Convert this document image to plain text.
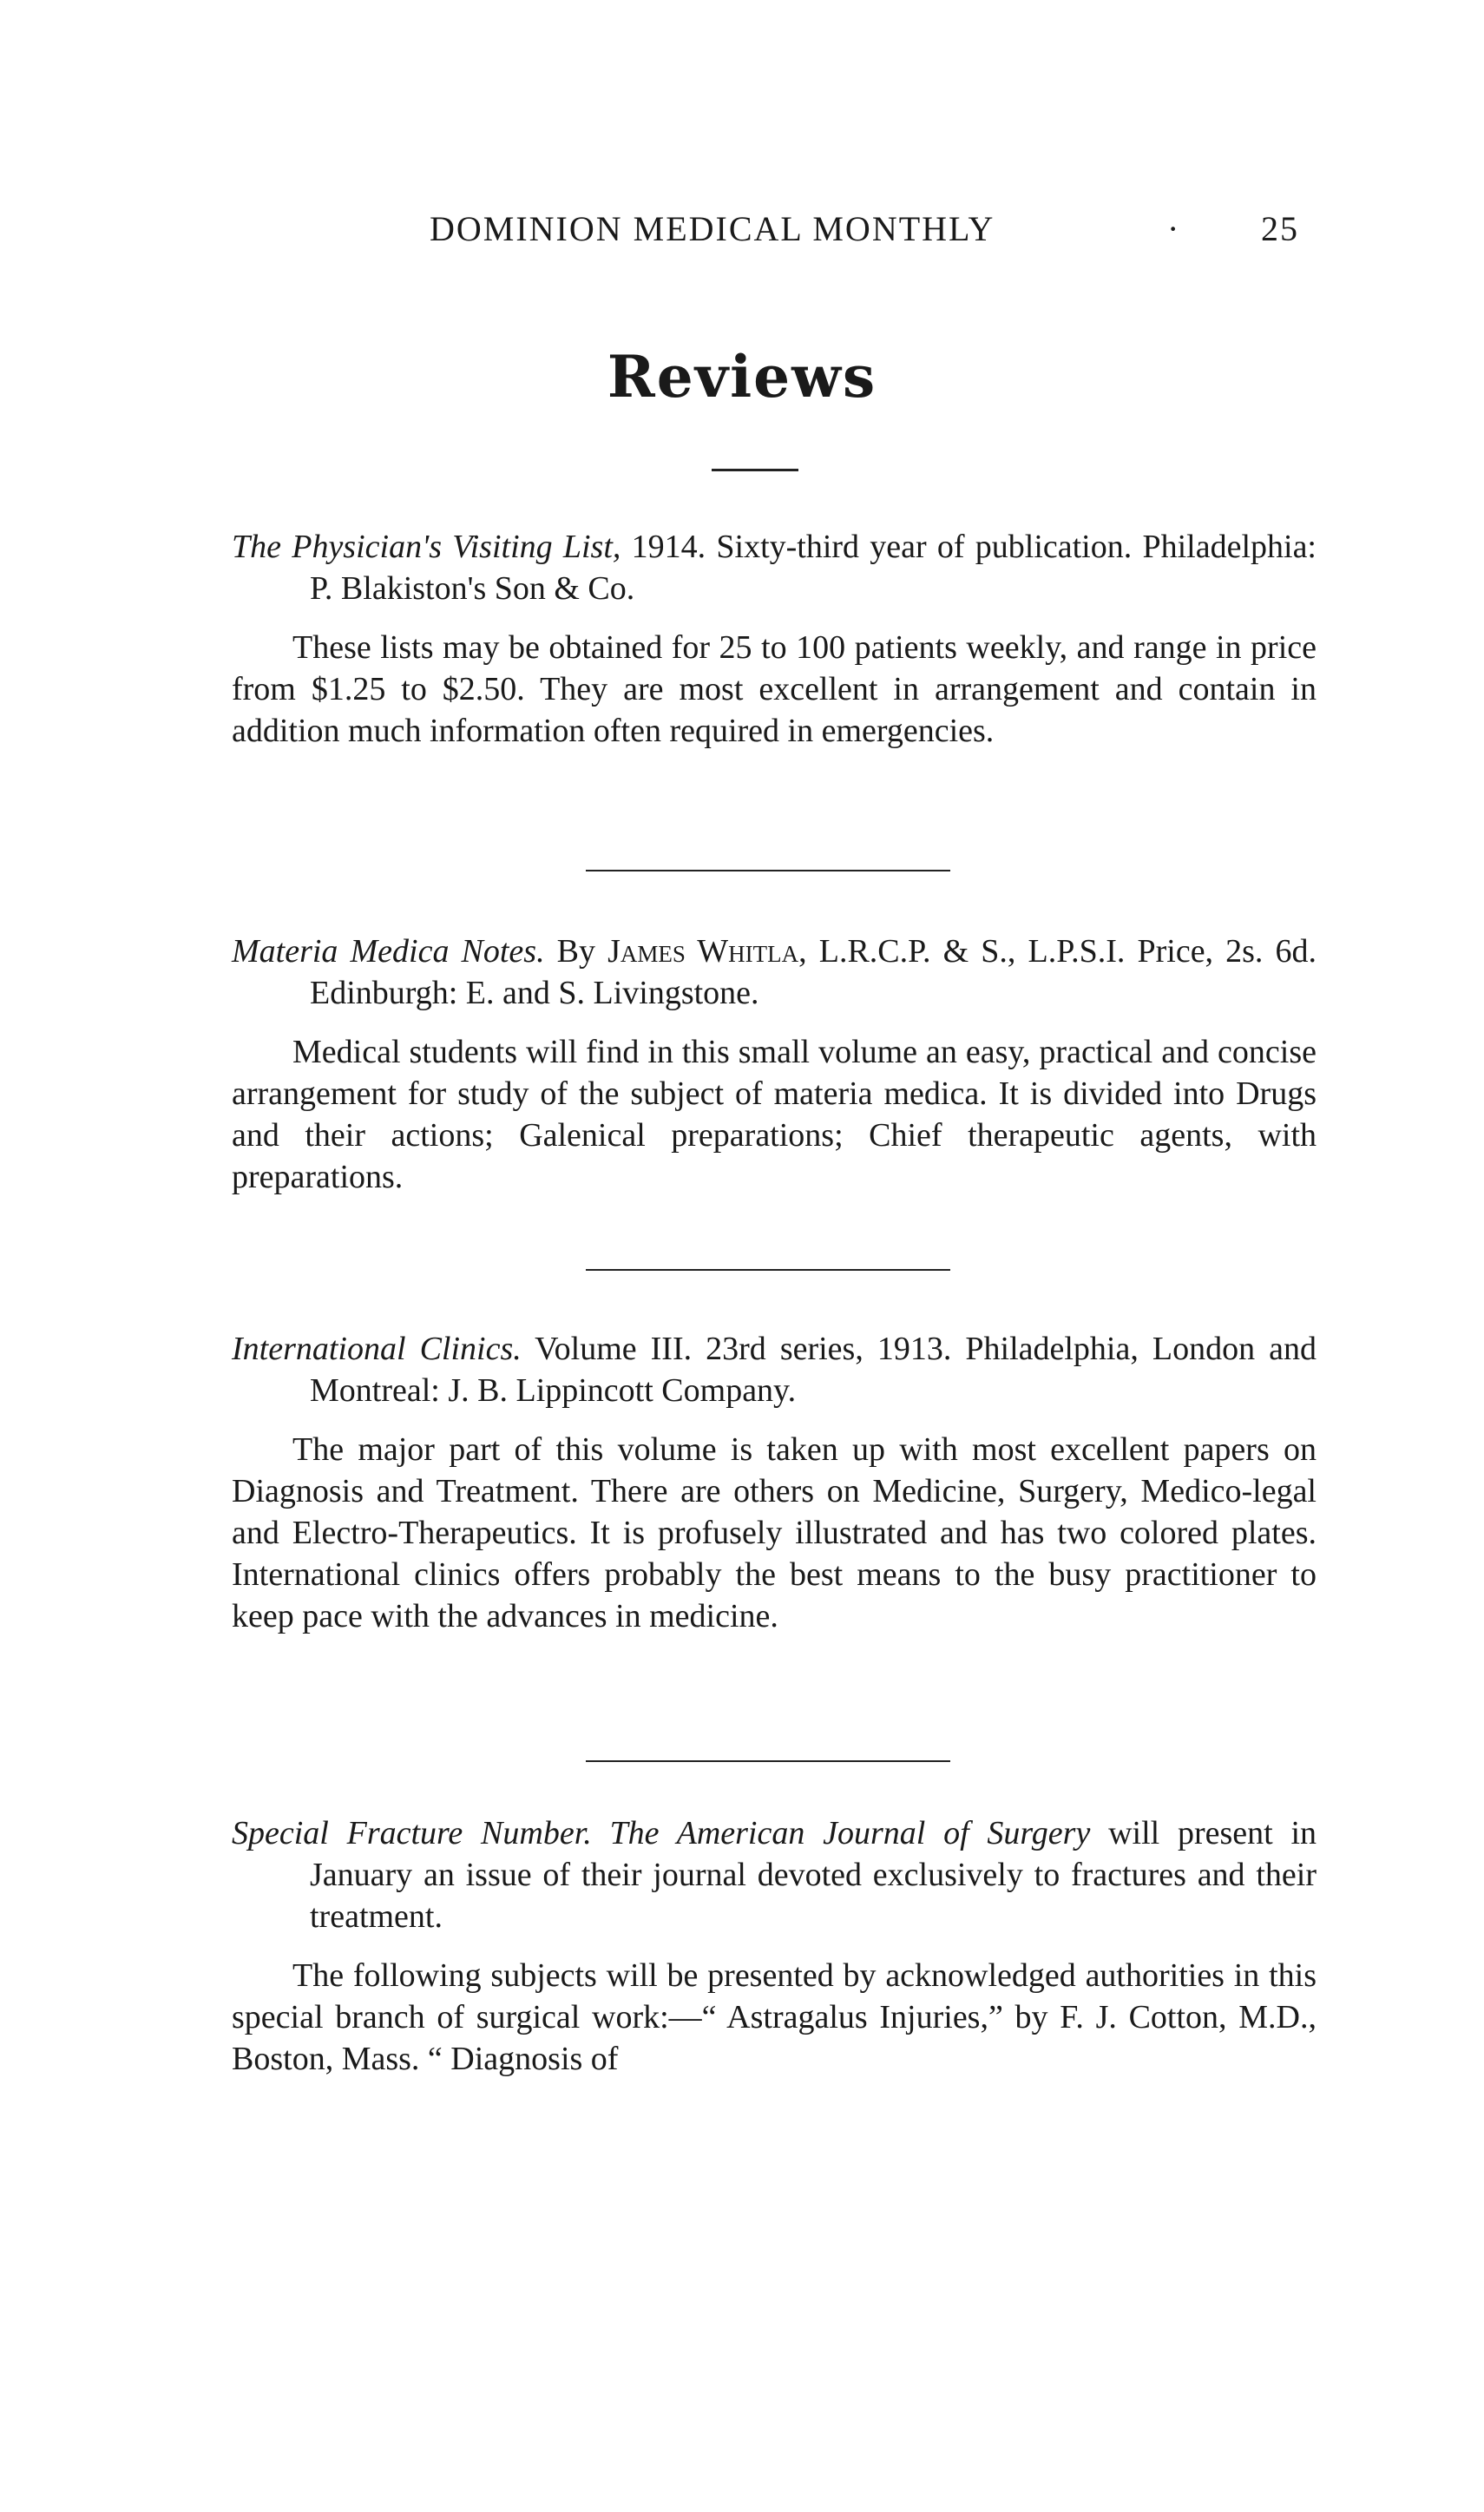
DOMINION MEDICAL MONTHLY	· 25
Reviews
The Physician's Visiting List, 1914. Sixty-third year of publication. Philadelphia: P. Blakiston's Son & Co.
These lists may be obtained for 25 to 100 patients weekly, and range in price from $1.25 to $2.50. They are most excellent in arrangement and contain in addition much information often required in emergencies.
Materia Medica Notes. By James Whitla, L.R.C.P. & S., L.P.S.I. Price, 2s. 6d. Edinburgh: E. and S. Livingstone.
Medical students will find in this small volume an easy, practical and concise arrangement for study of the subject of materia medica. It is divided into Drugs and their actions; Galenical preparations; Chief therapeutic agents, with preparations.
International Clinics. Volume III. 23rd series, 1913. Philadelphia, London and Montreal: J. B. Lippincott Company.
The major part of this volume is taken up with most excellent papers on Diagnosis and Treatment. There are others on Medicine, Surgery, Medico-legal and Electro-Therapeutics. It is profusely illustrated and has two colored plates. International clinics offers probably the best means to the busy practitioner to keep pace with the advances in medicine.
Special Fracture Number. The American Journal of Surgery will present in January an issue of their journal devoted exclusively to fractures and their treatment.
The following subjects will be presented by acknowledged authorities in this special branch of surgical work:—“ Astragalus Injuries,” by F. J. Cotton, M.D., Boston, Mass. “ Diagnosis of
